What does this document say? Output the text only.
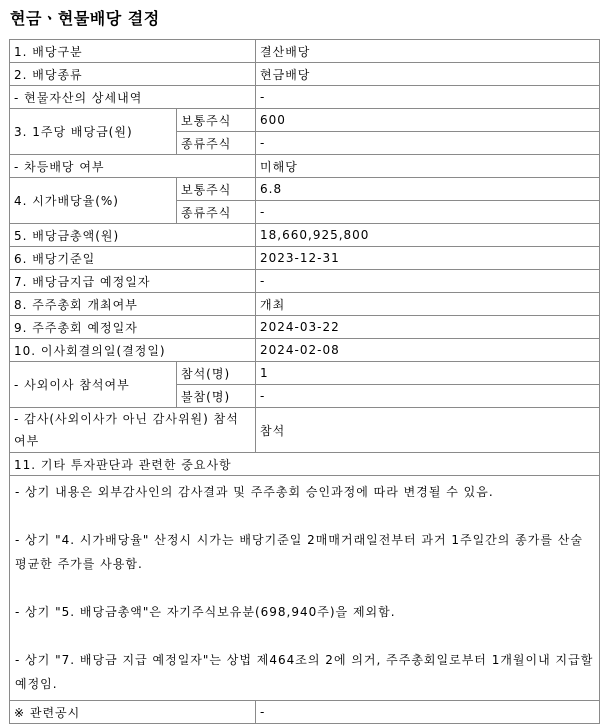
현금ㆍ현물배당 결정
1. 배당구분		결산배당
2. 배당종류		현금배당
- 현물자산의 상세내역		-
3. 1주당 배당금(원)	보통주식	600
	종류주식	-
- 차등배당 여부		미해당
4. 시가배당율(%)	보통주식	6.8
	종류주식	-
5. 배당금총액(원)		18,660,925,800
6. 배당기준일		2023-12-31
7. 배당금지급 예정일자		-
8. 주주총회 개최여부		개최
9. 주주총회 예정일자		2024-03-22
10. 이사회결의일(결정일)		2024-02-08
- 사외이사 참석여부	참석(명)	1
	불참(명)	-
- 감사(사외이사가 아닌 감사위원) 참석여부		참석
11. 기타 투자판단과 관련한 중요사항		

- 상기 내용은 외부감사인의 감사결과 및 주주총회 승인과정에 따라 변경될 수 있음.

- 상기 "4. 시가배당율" 산정시 시가는 배당기준일 2매매거래일전부터 과거 1주일간의 종가를 산술평균한 주가를 사용함.

- 상기 "5. 배당금총액"은 자기주식보유분(698,940주)을 제외함.

- 상기 "7. 배당금 지급 예정일자"는 상법 제464조의 2에 의거, 주주총회일로부터 1개월이내 지급할 예정임.		

※ 관련공시		-
